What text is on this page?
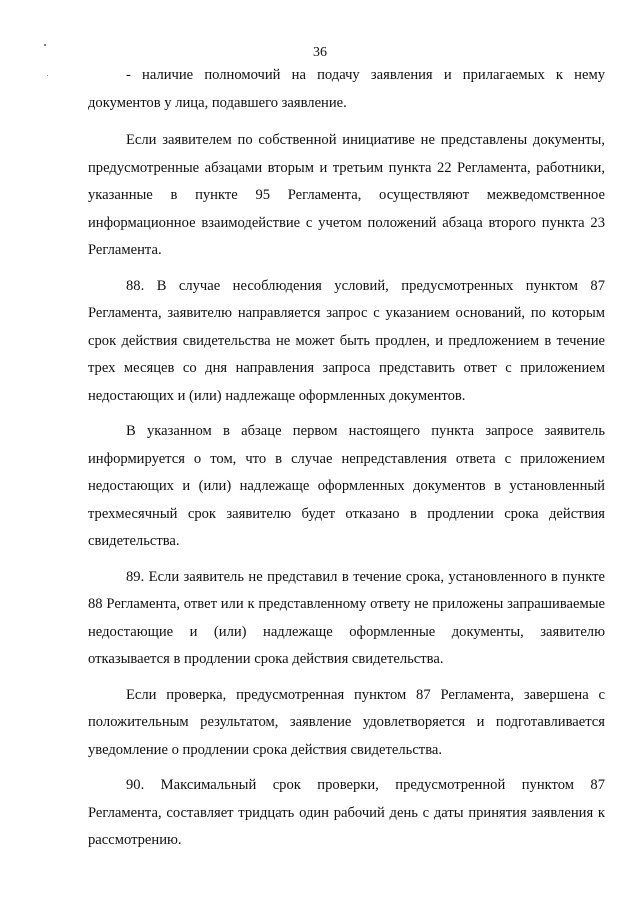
36

- наличие полномочий на подачу заявления и прилагаемых к нему документов у лица, подавшего заявление.

Если заявителем по собственной инициативе не представлены документы, предусмотренные абзацами вторым и третьим пункта 22 Регламента, работники, указанные в пункте 95 Регламента, осуществляют межведомственное информационное взаимодействие с учетом положений абзаца второго пункта 23 Регламента.

88. В случае несоблюдения условий, предусмотренных пунктом 87 Регламента, заявителю направляется запрос с указанием оснований, по которым срок действия свидетельства не может быть продлен, и предложением в течение трех месяцев со дня направления запроса представить ответ с приложением недостающих и (или) надлежаще оформленных документов.

В указанном в абзаце первом настоящего пункта запросе заявитель информируется о том, что в случае непредставления ответа с приложением недостающих и (или) надлежаще оформленных документов в установленный трехмесячный срок заявителю будет отказано в продлении срока действия свидетельства.

89. Если заявитель не представил в течение срока, установленного в пункте 88 Регламента, ответ или к представленному ответу не приложены запрашиваемые недостающие и (или) надлежаще оформленные документы, заявителю отказывается в продлении срока действия свидетельства.

Если проверка, предусмотренная пунктом 87 Регламента, завершена с положительным результатом, заявление удовлетворяется и подготавливается уведомление о продлении срока действия свидетельства.

90. Максимальный срок проверки, предусмотренной пунктом 87 Регламента, составляет тридцать один рабочий день с даты принятия заявления к рассмотрению.
